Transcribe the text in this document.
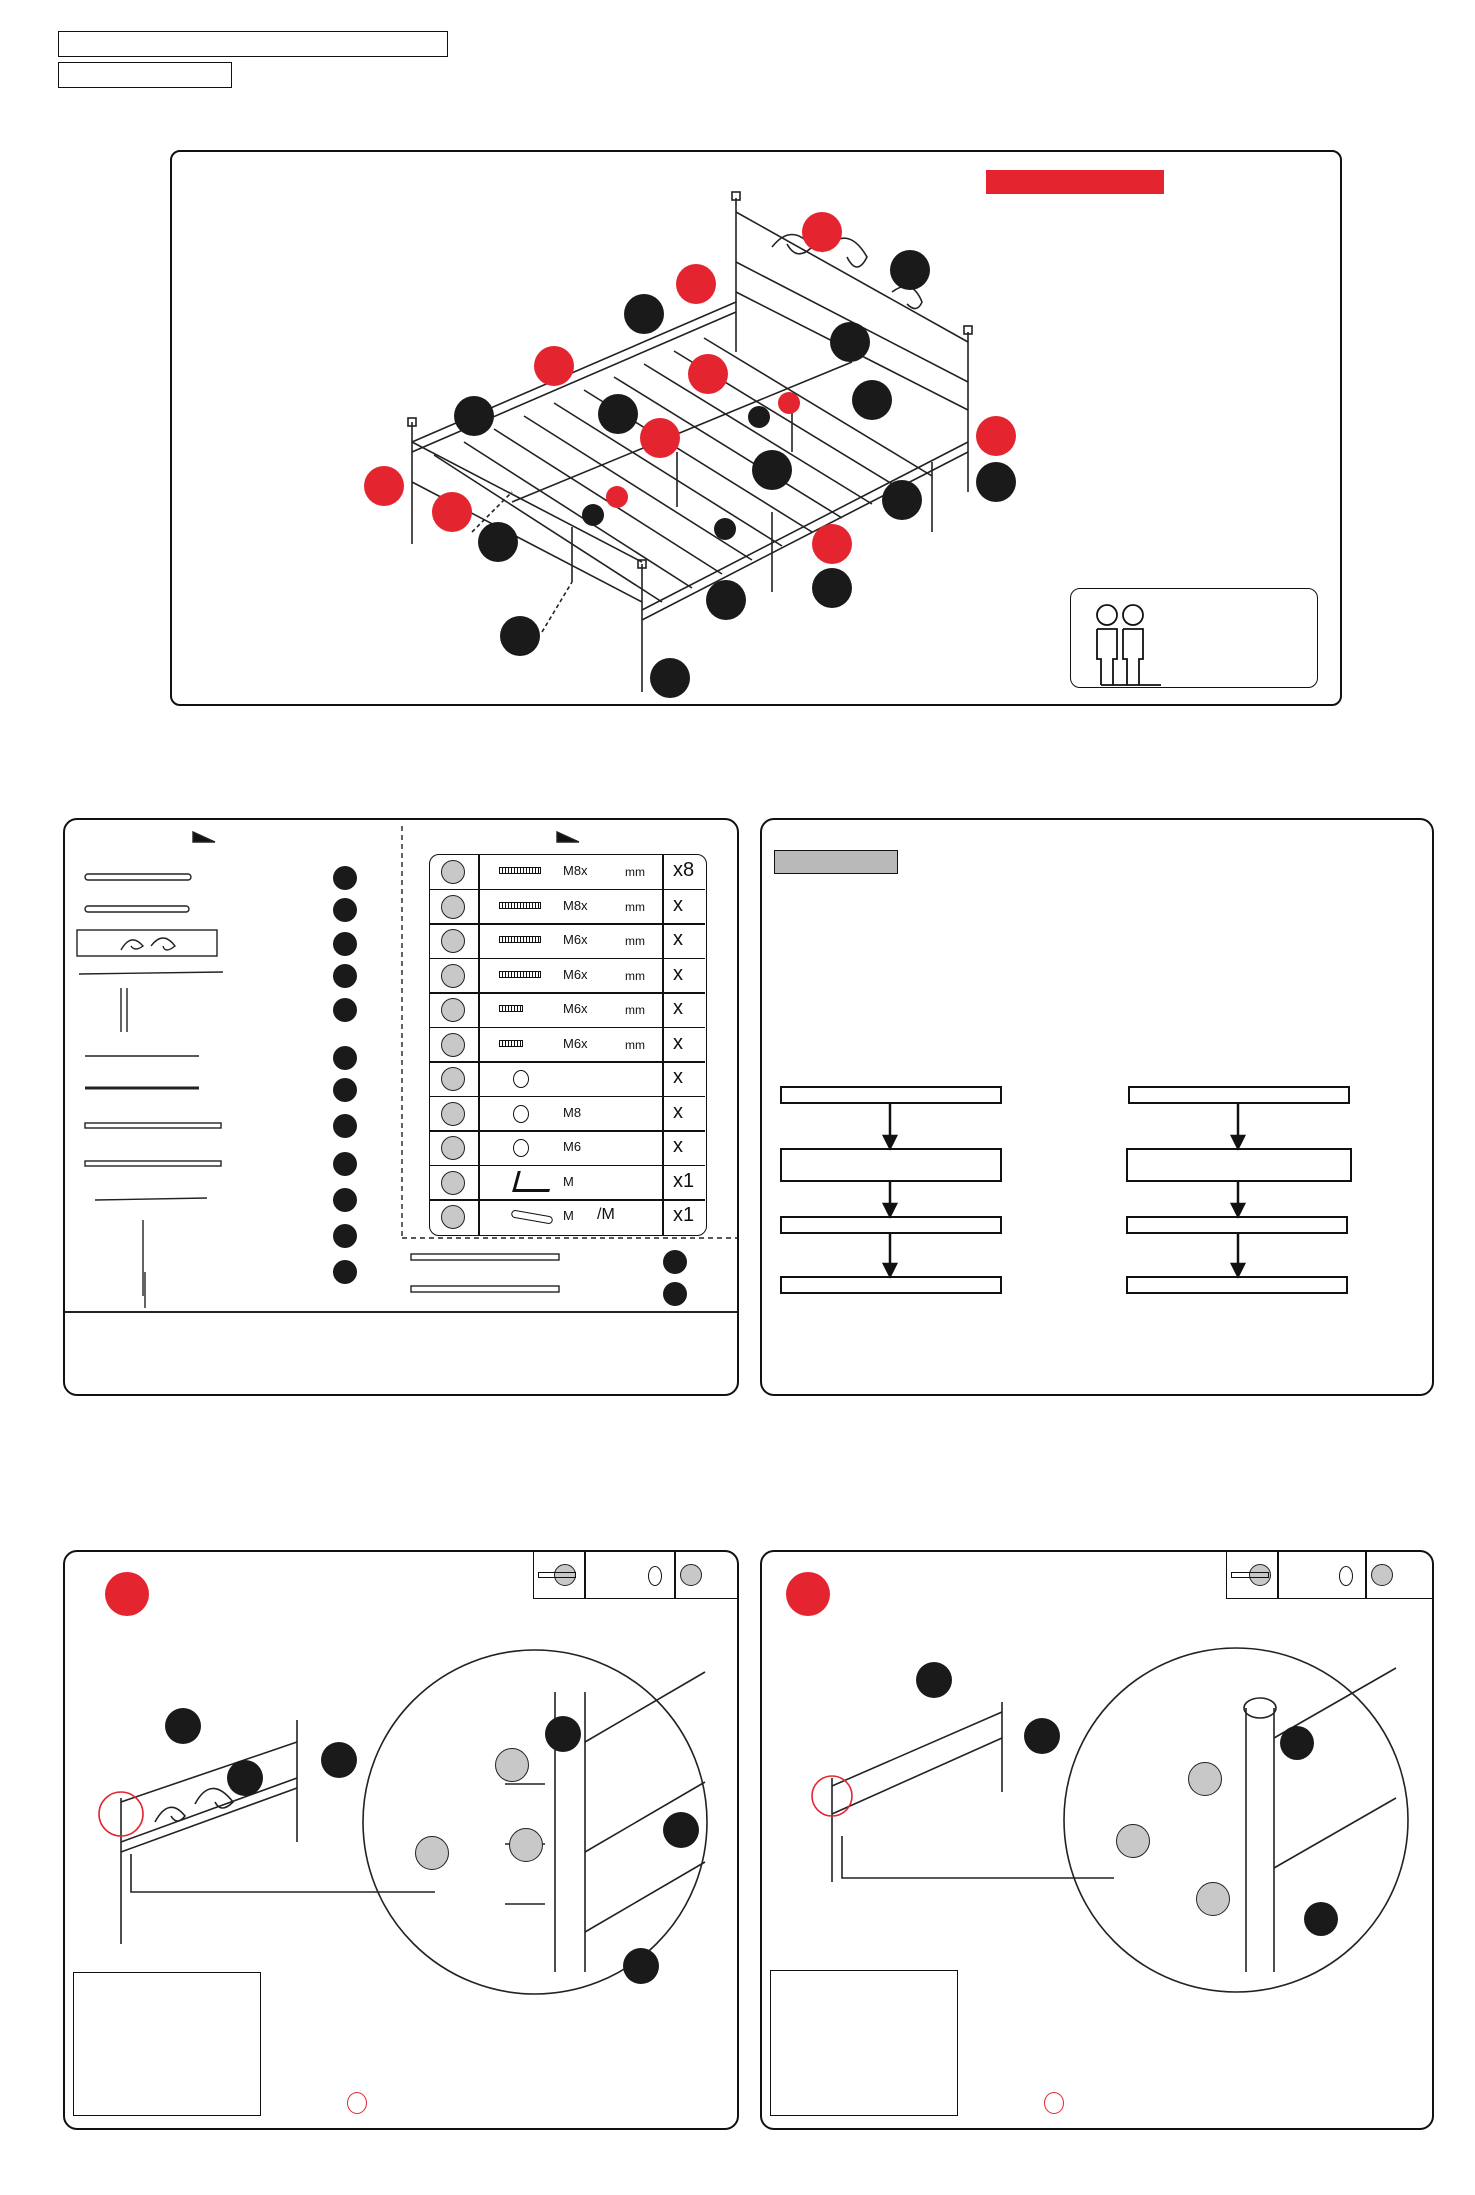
M8x	mm x8
M8x	mm x
M6x	mm x
M6x	mm x
M6x	mm x
M6x	mm x
x
M8	x
M6	x
M	x1
M /M	x1
